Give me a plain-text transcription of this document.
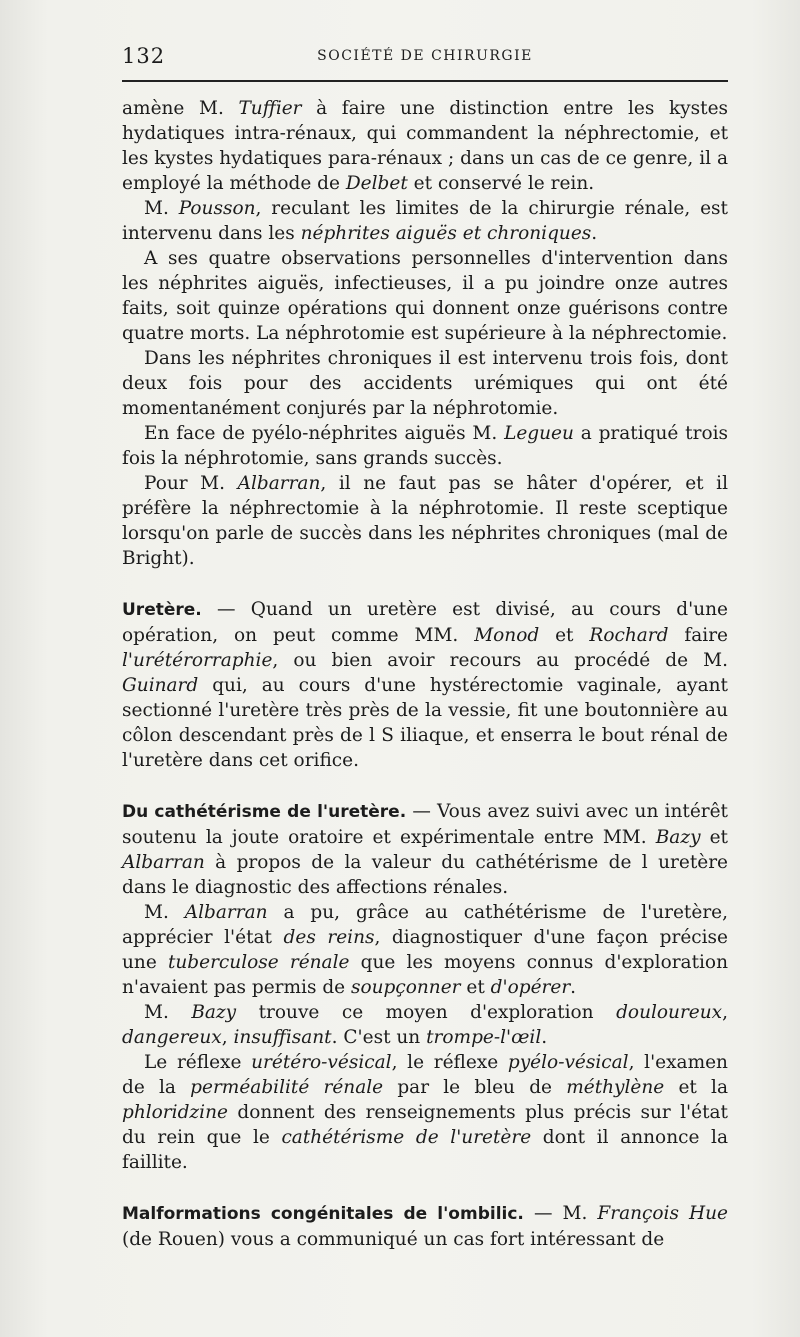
132	SOCIÉTÉ DE CHIRURGIE

amène M. Tuffier à faire une distinction entre les kystes hydatiques intra-rénaux, qui commandent la néphrectomie, et les kystes hydatiques para-rénaux ; dans un cas de ce genre, il a employé la méthode de Delbet et conservé le rein.

M. Pousson, reculant les limites de la chirurgie rénale, est intervenu dans les néphrites aiguës et chroniques.

A ses quatre observations personnelles d'intervention dans les néphrites aiguës, infectieuses, il a pu joindre onze autres faits, soit quinze opérations qui donnent onze guérisons contre quatre morts. La néphrotomie est supérieure à la néphrectomie.

Dans les néphrites chroniques il est intervenu trois fois, dont deux fois pour des accidents urémiques qui ont été momentanément conjurés par la néphrotomie.

En face de pyélo-néphrites aiguës M. Legueu a pratiqué trois fois la néphrotomie, sans grands succès.

Pour M. Albarran, il ne faut pas se hâter d'opérer, et il préfère la néphrectomie à la néphrotomie. Il reste sceptique lorsqu'on parle de succès dans les néphrites chroniques (mal de Bright).

Uretère. — Quand un uretère est divisé, au cours d'une opération, on peut comme MM. Monod et Rochard faire l'urétérorraphie, ou bien avoir recours au procédé de M. Guinard qui, au cours d'une hystérectomie vaginale, ayant sectionné l'uretère très près de la vessie, fit une boutonnière au côlon descendant près de l S iliaque, et enserra le bout rénal de l'uretère dans cet orifice.

Du cathétérisme de l'uretère. — Vous avez suivi avec un intérêt soutenu la joute oratoire et expérimentale entre MM. Bazy et Albarran à propos de la valeur du cathétérisme de l uretère dans le diagnostic des affections rénales.

M. Albarran a pu, grâce au cathétérisme de l'uretère, apprécier l'état des reins, diagnostiquer d'une façon précise une tuberculose rénale que les moyens connus d'exploration n'avaient pas permis de soupçonner et d'opérer.

M. Bazy trouve ce moyen d'exploration douloureux, dangereux, insuffisant. C'est un trompe-l'œil.

Le réflexe urétéro-vésical, le réflexe pyélo-vésical, l'examen de la perméabilité rénale par le bleu de méthylène et la phloridzine donnent des renseignements plus précis sur l'état du rein que le cathétérisme de l'uretère dont il annonce la faillite.

Malformations congénitales de l'ombilic. — M. François Hue (de Rouen) vous a communiqué un cas fort intéressant de
